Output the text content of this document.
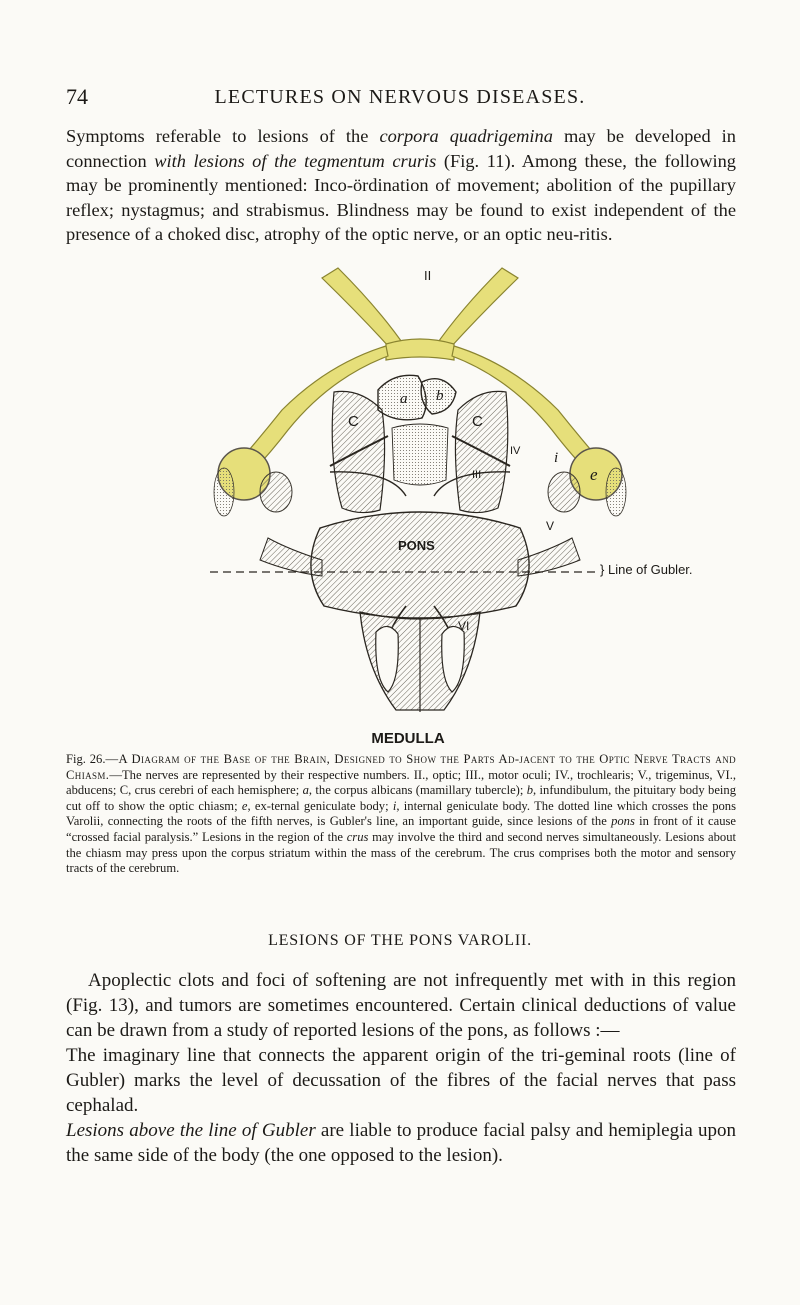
74	LECTURES ON NERVOUS DISEASES.
Symptoms referable to lesions of the corpora quadrigemina may be developed in connection with lesions of the tegmentum cruris (Fig. 11). Among these, the following may be prominently mentioned: Inco-ördination of movement; abolition of the pupillary reflex; nystagmus; and strabismus. Blindness may be found to exist independent of the presence of a choked disc, atrophy of the optic nerve, or an optic neu-ritis.
II
C	C
a b
III
IV i
e
V
PONS
VI
} Line of Gubler.
MEDULLA
Fig. 26.—A Diagram of the Base of the Brain, Designed to Show the Parts Ad-jacent to the Optic Nerve Tracts and Chiasm.—The nerves are represented by their respective numbers. II., optic; III., motor oculi; IV., trochlearis; V., trigeminus, VI., abducens; C, crus cerebri of each hemisphere; a, the corpus albicans (mamillary tubercle); b, infundibulum, the pituitary body being cut off to show the optic chiasm; e, ex-ternal geniculate body; i, internal geniculate body. The dotted line which crosses the pons Varolii, connecting the roots of the fifth nerves, is Gubler's line, an important guide, since lesions of the pons in front of it cause “crossed facial paralysis.” Lesions in the region of the crus may involve the third and second nerves simultaneously. Lesions about the chiasm may press upon the corpus striatum within the mass of the cerebrum. The crus comprises both the motor and sensory tracts of the cerebrum.
LESIONS OF THE PONS VAROLII.

Apoplectic clots and foci of softening are not infrequently met with in this region (Fig. 13), and tumors are sometimes encountered. Certain clinical deductions of value can be drawn from a study of reported lesions of the pons, as follows :—

The imaginary line that connects the apparent origin of the tri-geminal roots (line of Gubler) marks the level of decussation of the fibres of the facial nerves that pass cephalad.

Lesions above the line of Gubler are liable to produce facial palsy and hemiplegia upon the same side of the body (the one opposed to the lesion).
